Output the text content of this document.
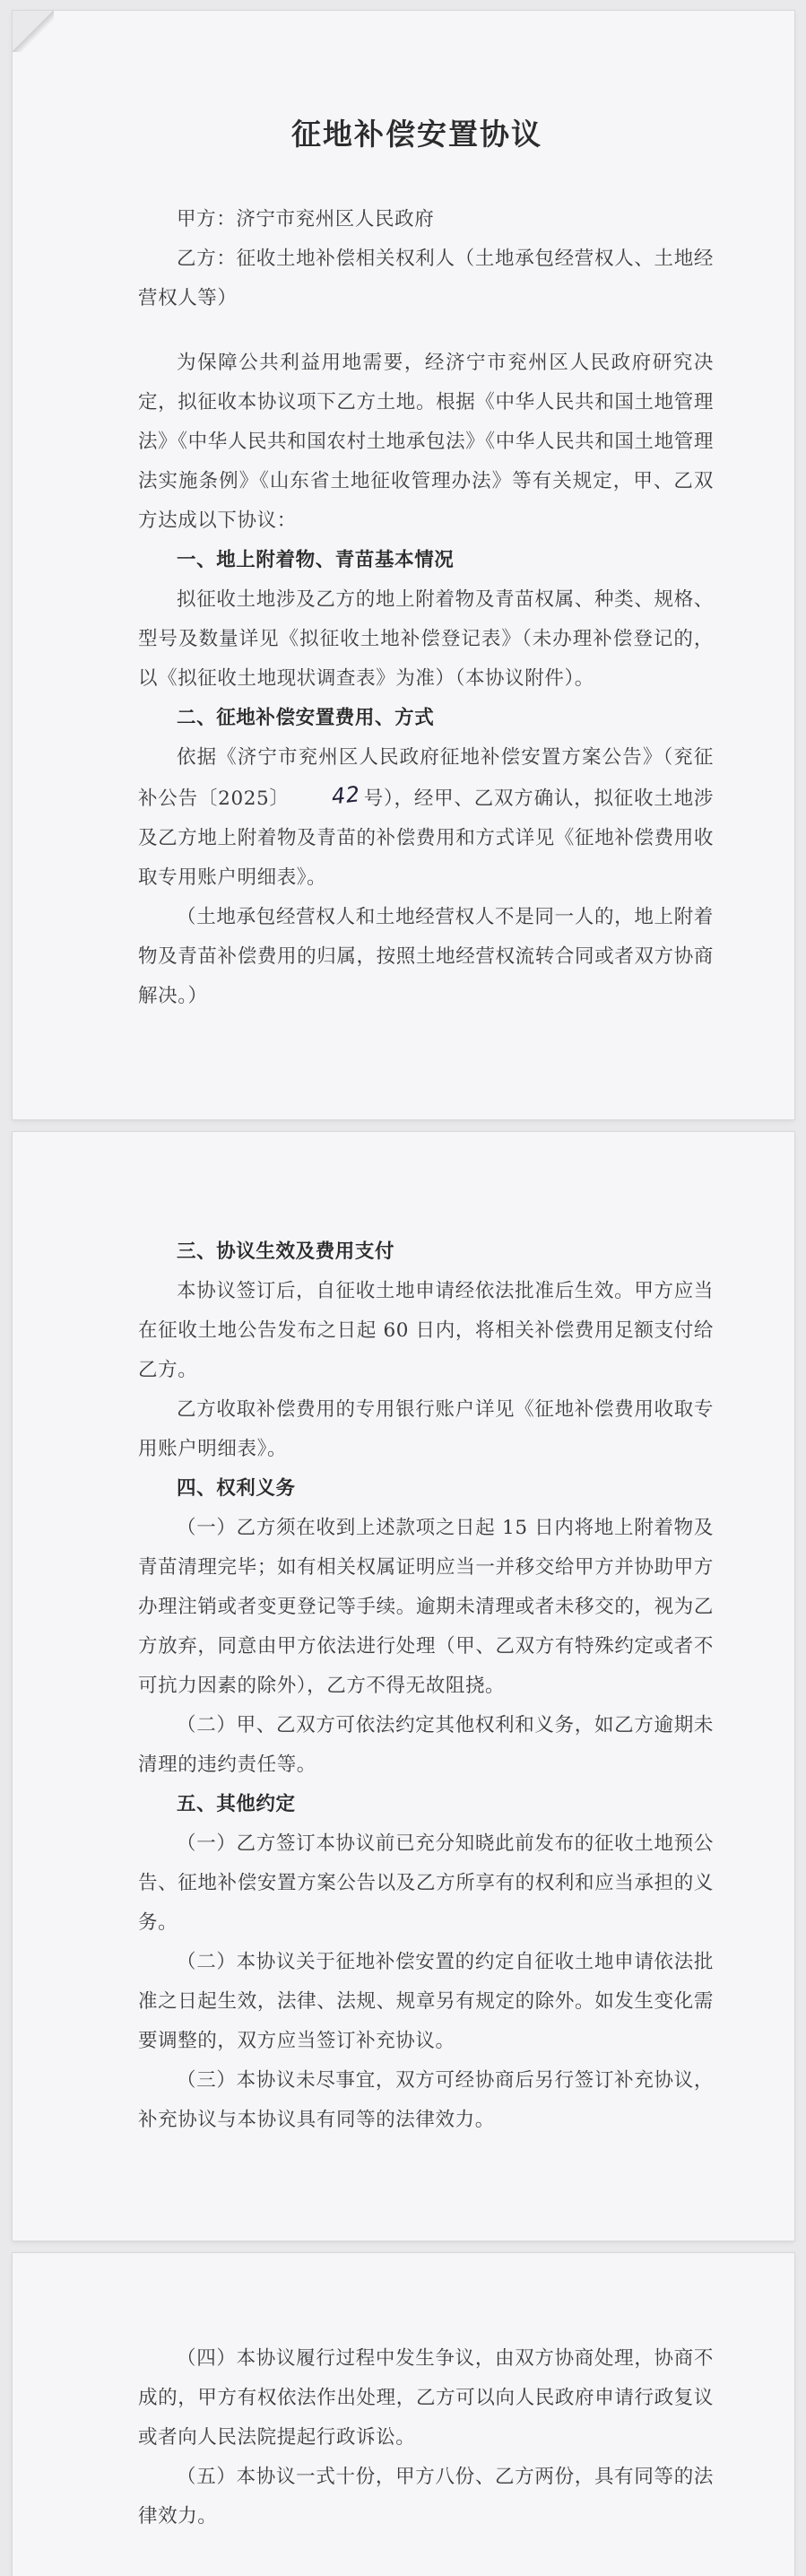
征地补偿安置协议

甲方：济宁市兖州区人民政府

乙方：征收土地补偿相关权利人（土地承包经营权人、土地经营权人等）

为保障公共利益用地需要，经济宁市兖州区人民政府研究决定，拟征收本协议项下乙方土地。根据《中华人民共和国土地管理法》《中华人民共和国农村土地承包法》《中华人民共和国土地管理法实施条例》《山东省土地征收管理办法》等有关规定，甲、乙双方达成以下协议：

一、地上附着物、青苗基本情况

拟征收土地涉及乙方的地上附着物及青苗权属、种类、规格、型号及数量详见《拟征收土地补偿登记表》（未办理补偿登记的，以《拟征收土地现状调查表》为准）（本协议附件）。

二、征地补偿安置费用、方式

依据《济宁市兖州区人民政府征地补偿安置方案公告》（兖征补公告〔2025〕 42 号），经甲、乙双方确认，拟征收土地涉及乙方地上附着物及青苗的补偿费用和方式详见《征地补偿费用收取专用账户明细表》。

（土地承包经营权人和土地经营权人不是同一人的，地上附着物及青苗补偿费用的归属，按照土地经营权流转合同或者双方协商解决。）

三、协议生效及费用支付

本协议签订后，自征收土地申请经依法批准后生效。甲方应当在征收土地公告发布之日起 60 日内，将相关补偿费用足额支付给乙方。

乙方收取补偿费用的专用银行账户详见《征地补偿费用收取专用账户明细表》。

四、权利义务

（一）乙方须在收到上述款项之日起 15 日内将地上附着物及青苗清理完毕；如有相关权属证明应当一并移交给甲方并协助甲方办理注销或者变更登记等手续。逾期未清理或者未移交的，视为乙方放弃，同意由甲方依法进行处理（甲、乙双方有特殊约定或者不可抗力因素的除外），乙方不得无故阻挠。

（二）甲、乙双方可依法约定其他权利和义务，如乙方逾期未清理的违约责任等。

五、其他约定

（一）乙方签订本协议前已充分知晓此前发布的征收土地预公告、征地补偿安置方案公告以及乙方所享有的权利和应当承担的义务。

（二）本协议关于征地补偿安置的约定自征收土地申请依法批准之日起生效，法律、法规、规章另有规定的除外。如发生变化需要调整的，双方应当签订补充协议。

（三）本协议未尽事宜，双方可经协商后另行签订补充协议，补充协议与本协议具有同等的法律效力。

（四）本协议履行过程中发生争议，由双方协商处理，协商不成的，甲方有权依法作出处理，乙方可以向人民政府申请行政复议或者向人民法院提起行政诉讼。

（五）本协议一式十份，甲方八份、乙方两份，具有同等的法律效力。
